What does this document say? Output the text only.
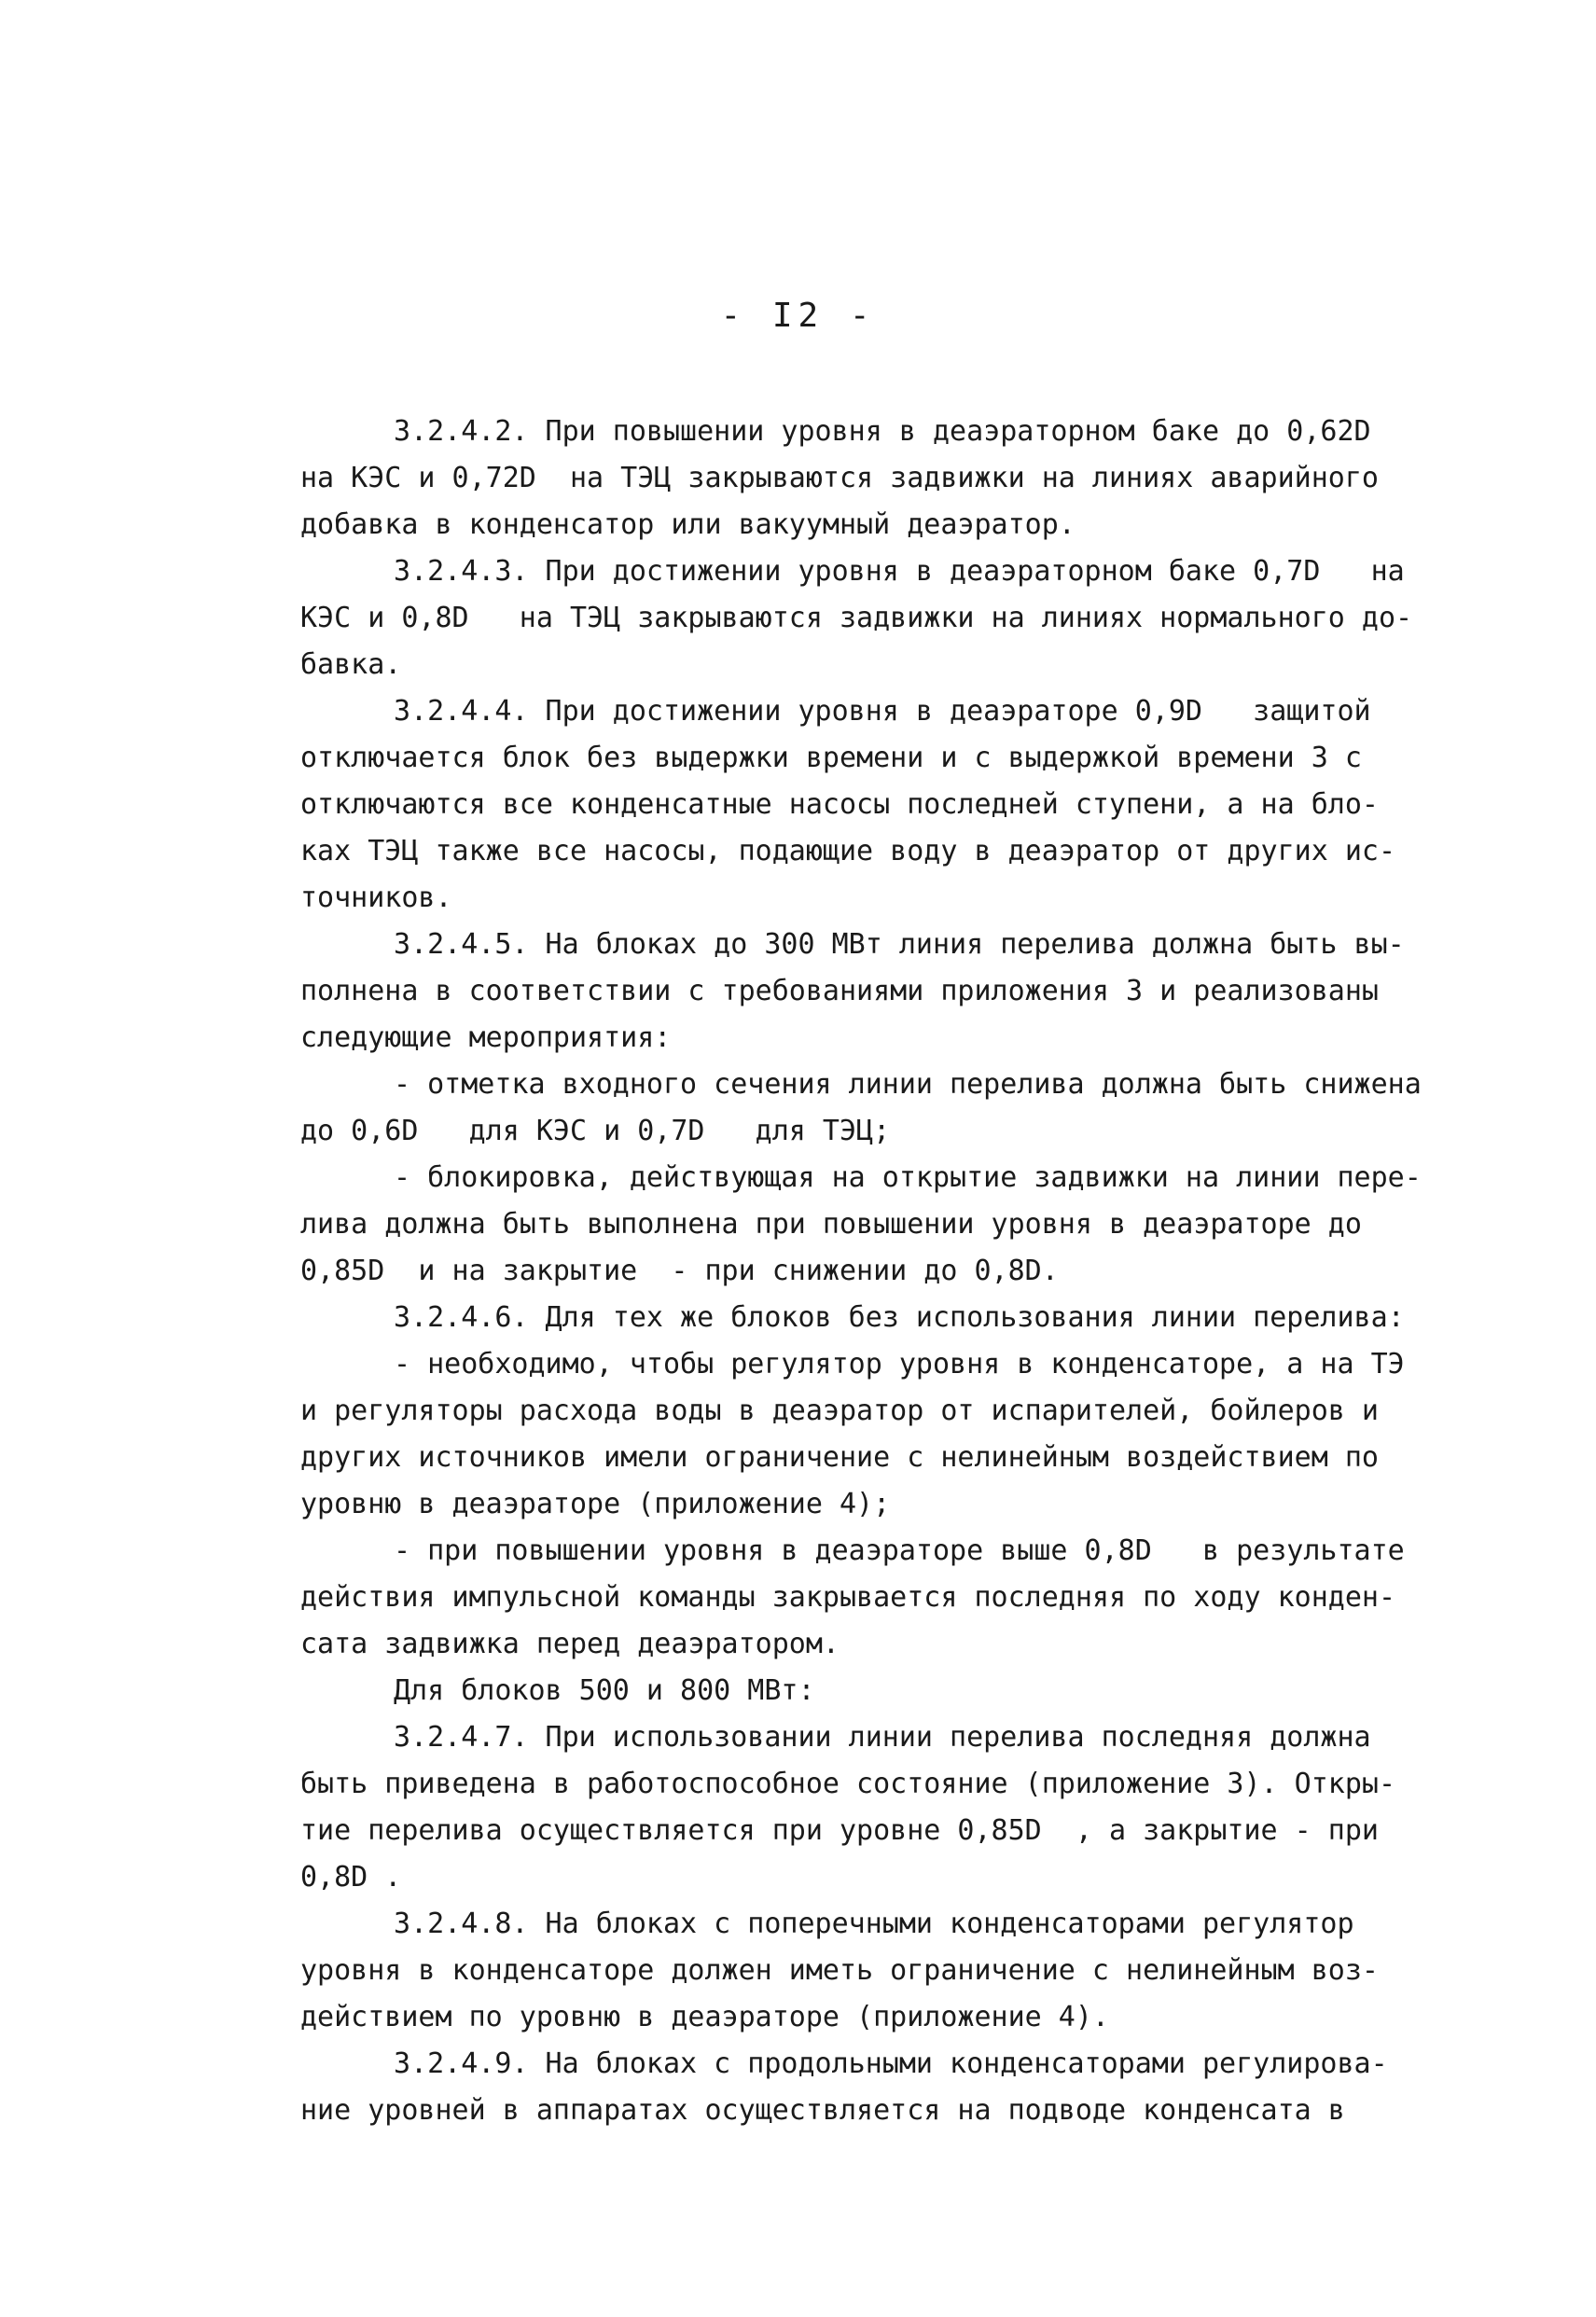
- I2 -
3.2.4.2. При повышении уровня в деаэраторном баке до 0,62D
на КЭС и 0,72D  на ТЭЦ закрываются задвижки на линиях аварийного
добавка в конденсатор или вакуумный деаэратор.
3.2.4.3. При достижении уровня в деаэраторном баке 0,7D   на
КЭС и 0,8D   на ТЭЦ закрываются задвижки на линиях нормального до-
бавка.
3.2.4.4. При достижении уровня в деаэраторе 0,9D   защитой
отключается блок без выдержки времени и с выдержкой времени 3 с
отключаются все конденсатные насосы последней ступени, а на бло-
ках ТЭЦ также все насосы, подающие воду в деаэратор от других ис-
точников.
3.2.4.5. На блоках до 300 МВт линия перелива должна быть вы-
полнена в соответствии с требованиями приложения 3 и реализованы
следующие мероприятия:
- отметка входного сечения линии перелива должна быть снижена
до 0,6D   для КЭС и 0,7D   для ТЭЦ;
- блокировка, действующая на открытие задвижки на линии пере-
лива должна быть выполнена при повышении уровня в деаэраторе до
0,85D  и на закрытие  - при снижении до 0,8D.
3.2.4.6. Для тех же блоков без использования линии перелива:
- необходимо, чтобы регулятор уровня в конденсаторе, а на ТЭ
и регуляторы расхода воды в деаэратор от испарителей, бойлеров и
других источников имели ограничение с нелинейным воздействием по
уровню в деаэраторе (приложение 4);
- при повышении уровня в деаэраторе выше 0,8D   в результате
действия импульсной команды закрывается последняя по ходу конден-
сата задвижка перед деаэратором.
Для блоков 500 и 800 МВт:
3.2.4.7. При использовании линии перелива последняя должна
быть приведена в работоспособное состояние (приложение 3). Откры-
тие перелива осуществляется при уровне 0,85D  , а закрытие - при
0,8D .
3.2.4.8. На блоках с поперечными конденсаторами регулятор
уровня в конденсаторе должен иметь ограничение с нелинейным воз-
действием по уровню в деаэраторе (приложение 4).
3.2.4.9. На блоках с продольными конденсаторами регулирова-
ние уровней в аппаратах осуществляется на подводе конденсата в
